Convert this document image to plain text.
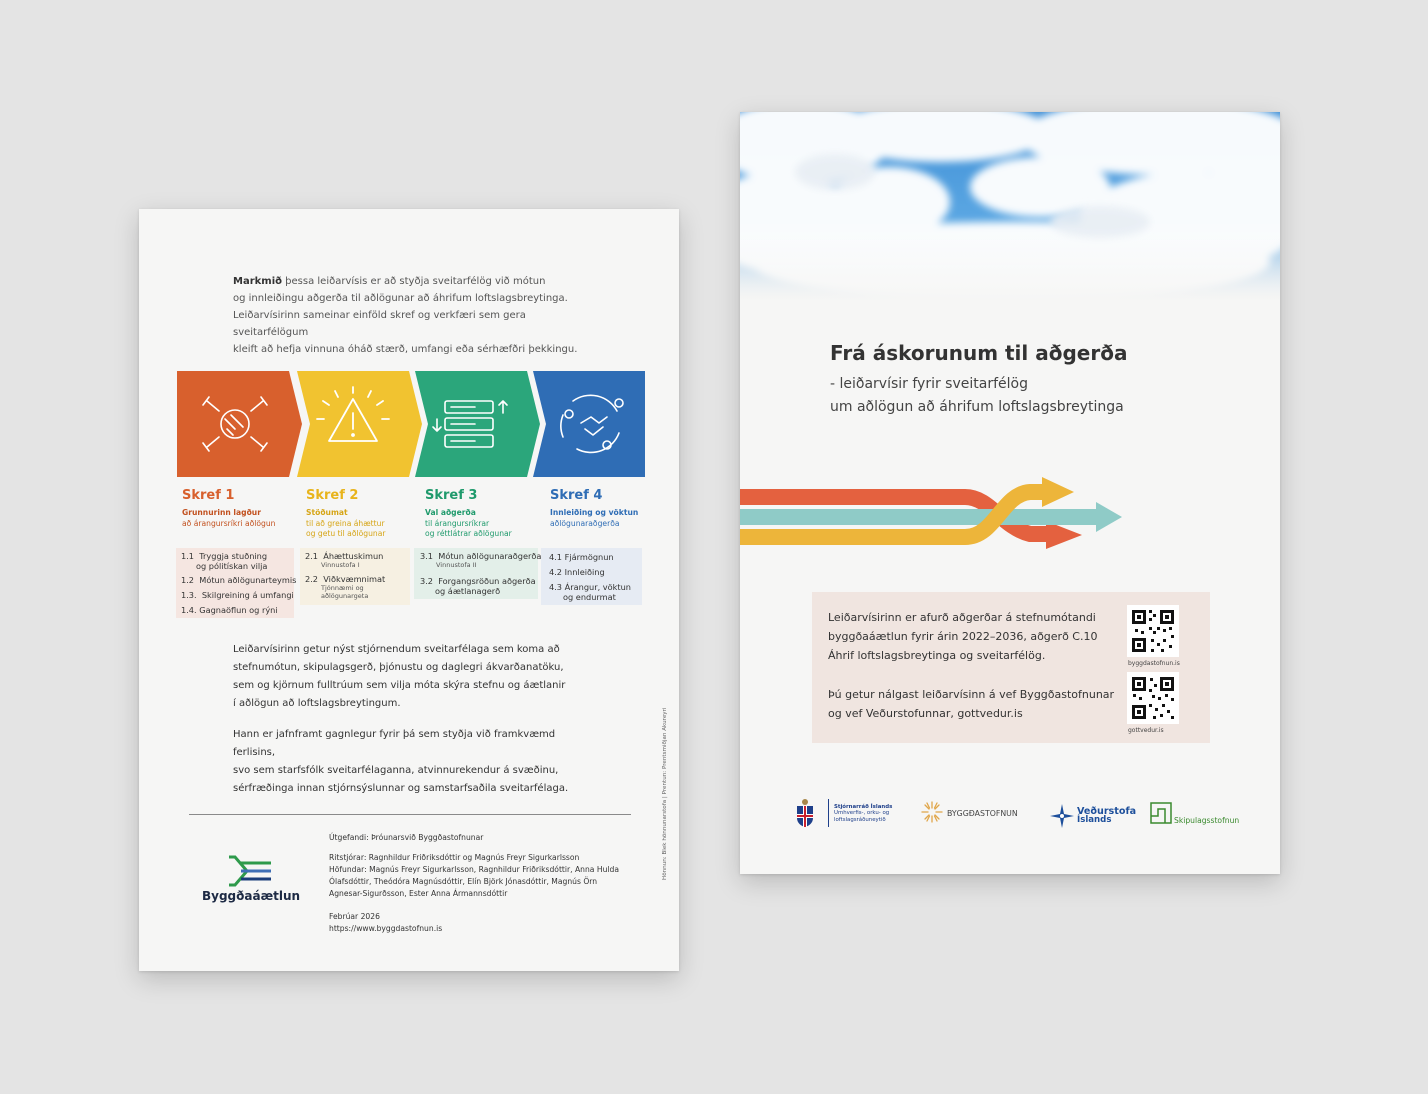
Markmið þessa leiðarvísis er að styðja sveitarfélög við mótun
og innleiðingu aðgerða til aðlögunar að áhrifum loftslagsbreytinga.
Leiðarvísirinn sameinar einföld skref og verkfæri sem gera sveitarfélögum
kleift að hefja vinnuna óháð stærð, umfangi eða sérhæfðri þekkingu.
Skref 1
Grunnurinn lagður
að árangursríkri aðlögun
Skref 2
Stöðumat
til að greina áhættur
og getu til aðlögunar
Skref 3
Val aðgerða
til árangursríkrar
og réttlátrar aðlögunar
Skref 4
Innleiðing og vöktun
aðlögunaraðgerða
1.1 Tryggja stuðning
og pólitískan vilja
1.2 Mótun aðlögunarteymis
1.3. Skilgreining á umfangi
1.4. Gagnaöflun og rýni
2.1 Áhættuskimun
Vinnustofa I
2.2 Viðkvæmnimat
Tjónnæmi og
aðlögunargeta
3.1 Mótun aðlögunaraðgerða
Vinnustofa II
3.2 Forgangsröðun aðgerða
og áætlanagerð
4.1 Fjármögnun
4.2 Innleiðing
4.3 Árangur, vöktun
og endurmat
Leiðarvísirinn getur nýst stjórnendum sveitarfélaga sem koma að
stefnumótun, skipulagsgerð, þjónustu og daglegri ákvarðanatöku,
sem og kjörnum fulltrúum sem vilja móta skýra stefnu og áætlanir
í aðlögun að loftslagsbreytingum.
Hann er jafnframt gagnlegur fyrir þá sem styðja við framkvæmd ferlisins,
svo sem starfsfólk sveitarfélaganna, atvinnurekendur á svæðinu,
sérfræðinga innan stjórnsýslunnar og samstarfsaðila sveitarfélaga.
Byggðaáætlun
Útgefandi: Þróunarsvið Byggðastofnunar
Ritstjórar: Ragnhildur Friðriksdóttir og Magnús Freyr Sigurkarlsson
Höfundar: Magnús Freyr Sigurkarlsson, Ragnhildur Friðriksdóttir, Anna Hulda
Ólafsdóttir, Theódóra Magnúsdóttir, Elín Björk Jónasdóttir, Magnús Örn
Agnesar-Sigurðsson, Ester Anna Ármannsdóttir
Febrúar 2026
https://www.byggdastofnun.is
Hönnun: Blek hönnunarstofa | Prentun: Prentsmiðjan Akureyri
Frá áskorunum til aðgerða
- leiðarvísir fyrir sveitarfélög
um aðlögun að áhrifum loftslagsbreytinga
Leiðarvísirinn er afurð aðgerðar á stefnumótandi
byggðaáætlun fyrir árin 2022–2036, aðgerð C.10
Áhrif loftslagsbreytinga og sveitarfélög.
Þú getur nálgast leiðarvísinn á vef Byggðastofnunar
og vef Veðurstofunnar, gottvedur.is
byggdastofnun.is
gottvedur.is
Stjórnarráð Íslands
Umhverfis-, orku- og
loftslagsráðuneytið
BYGGÐASTOFNUN	Veðurstofa
Íslands	Skipulagsstofnun
